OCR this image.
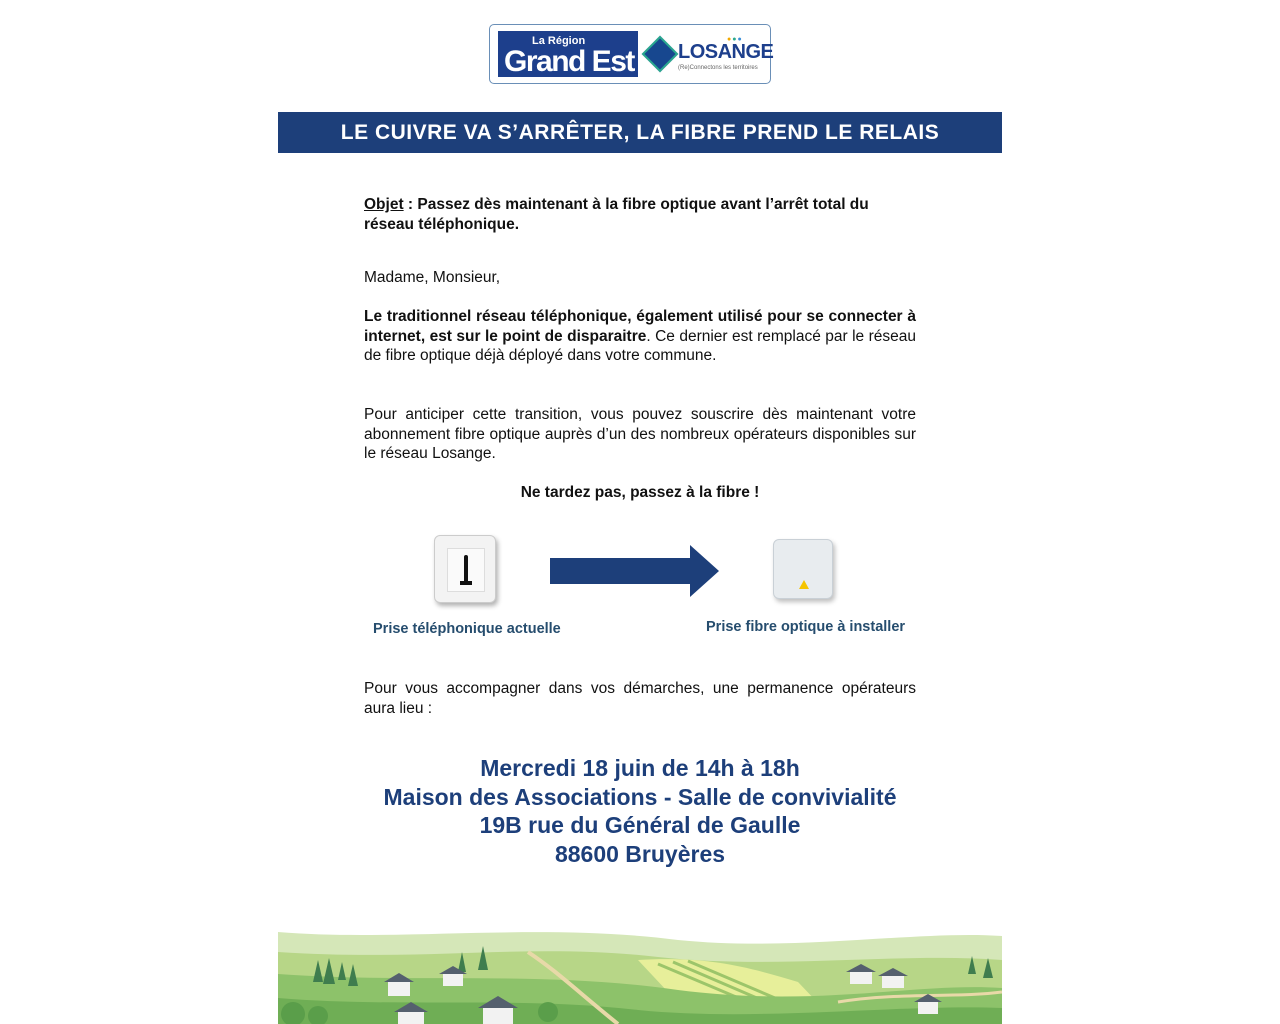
La Région
Grand Est
●●●
LOSANGE
(Re)Connectons les territoires
LE CUIVRE VA S’ARRÊTER, LA FIBRE PREND LE RELAIS
Objet : Passez dès maintenant à la fibre optique avant l’arrêt total du réseau téléphonique.
Madame, Monsieur,
Le traditionnel réseau téléphonique, également utilisé pour se connecter à internet, est sur le point de disparaitre. Ce dernier est remplacé par le réseau de fibre optique déjà déployé dans votre commune.
Pour anticiper cette transition, vous pouvez souscrire dès maintenant votre abonnement fibre optique auprès d’un des nombreux opérateurs disponibles sur le réseau Losange.
Ne tardez pas, passez à la fibre !
Prise téléphonique actuelle	Prise fibre optique à installer
Pour vous accompagner dans vos démarches, une permanence opérateurs aura lieu :
Mercredi 18 juin de 14h à 18h
Maison des Associations - Salle de convivialité
19B rue du Général de Gaulle
88600 Bruyères
